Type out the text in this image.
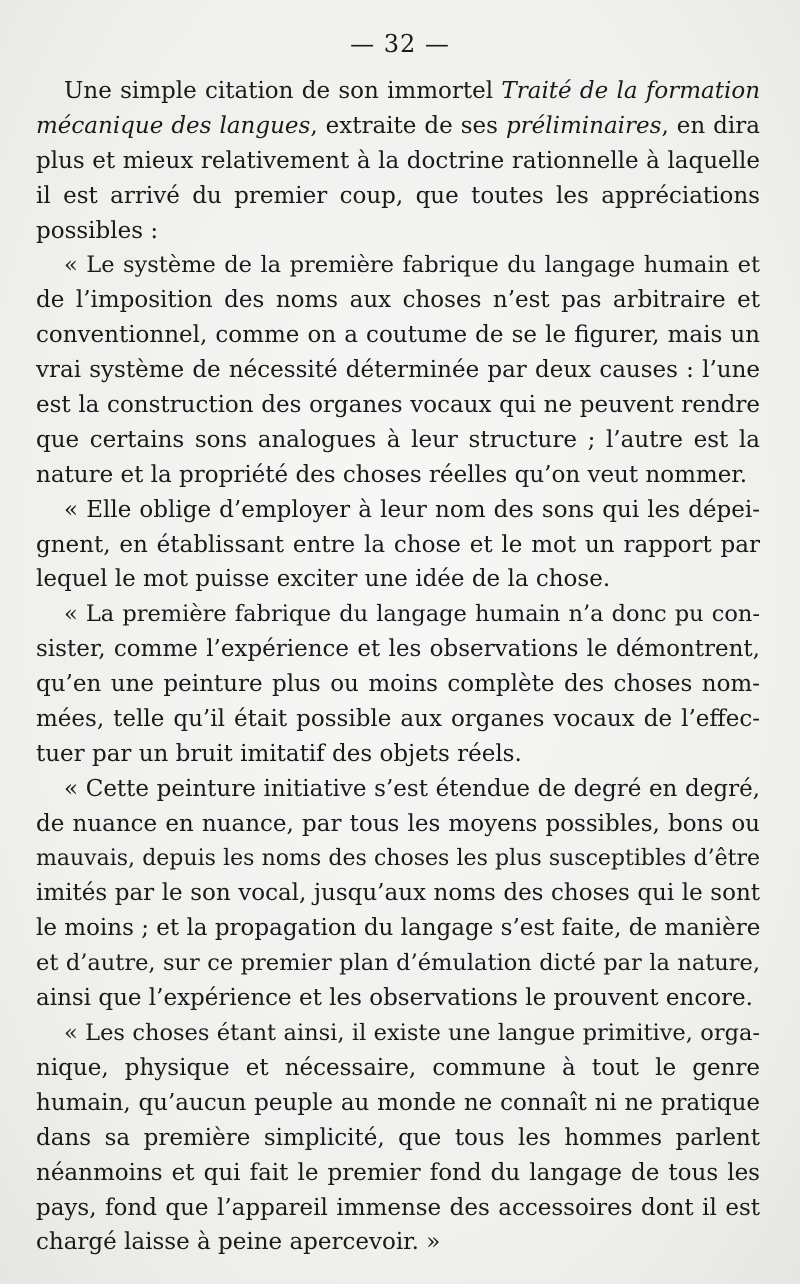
— 32 —
Une simple citation de son immortel Traité de la formation
mécanique des langues, extraite de ses préliminaires, en dira
plus et mieux relativement à la doctrine rationnelle à laquelle
il est arrivé du premier coup, que toutes les appréciations
possibles :
« Le système de la première fabrique du langage humain et
de l’imposition des noms aux choses n’est pas arbitraire et
conventionnel, comme on a coutume de se le figurer, mais un
vrai système de nécessité déterminée par deux causes : l’une
est la construction des organes vocaux qui ne peuvent rendre
que certains sons analogues à leur structure ; l’autre est la
nature et la propriété des choses réelles qu’on veut nommer.
« Elle oblige d’employer à leur nom des sons qui les dépei-
gnent, en établissant entre la chose et le mot un rapport par
lequel le mot puisse exciter une idée de la chose.
« La première fabrique du langage humain n’a donc pu con-
sister, comme l’expérience et les observations le démontrent,
qu’en une peinture plus ou moins complète des choses nom-
mées, telle qu’il était possible aux organes vocaux de l’effec-
tuer par un bruit imitatif des objets réels.
« Cette peinture initiative s’est étendue de degré en degré,
de nuance en nuance, par tous les moyens possibles, bons ou
mauvais, depuis les noms des choses les plus susceptibles d’être
imités par le son vocal, jusqu’aux noms des choses qui le sont
le moins ; et la propagation du langage s’est faite, de manière
et d’autre, sur ce premier plan d’émulation dicté par la nature,
ainsi que l’expérience et les observations le prouvent encore.
« Les choses étant ainsi, il existe une langue primitive, orga-
nique, physique et nécessaire, commune à tout le genre
humain, qu’aucun peuple au monde ne connaît ni ne pratique
dans sa première simplicité, que tous les hommes parlent
néanmoins et qui fait le premier fond du langage de tous les
pays, fond que l’appareil immense des accessoires dont il est
chargé laisse à peine apercevoir. »
